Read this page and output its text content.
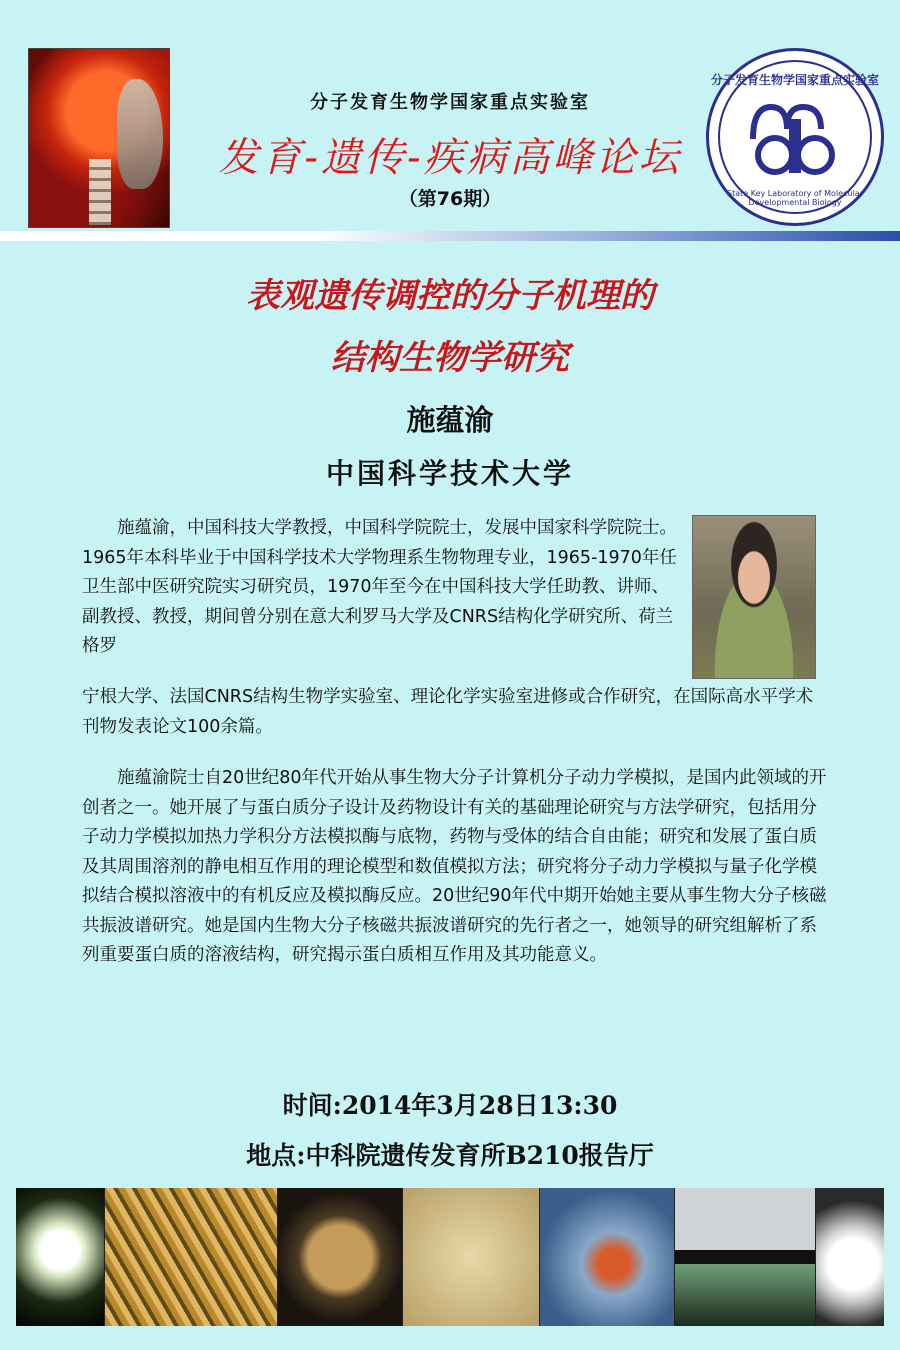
分子发育生物学国家重点实验室
发育-遗传-疾病高峰论坛
（第76期）
分子发育生物学国家重点实验室
State Key Laboratory of Molecular Developmental Biology
表观遗传调控的分子机理的
结构生物学研究
施蕴渝
中国科学技术大学

施蕴渝，中国科技大学教授，中国科学院院士，发展中国家科学院院士。1965年本科毕业于中国科学技术大学物理系生物物理专业，1965-1970年任卫生部中医研究院实习研究员，1970年至今在中国科技大学任助教、讲师、副教授、教授，期间曾分别在意大利罗马大学及CNRS结构化学研究所、荷兰格罗

宁根大学、法国CNRS结构生物学实验室、理论化学实验室进修或合作研究，在国际高水平学术刊物发表论文100余篇。

施蕴渝院士自20世纪80年代开始从事生物大分子计算机分子动力学模拟，是国内此领域的开创者之一。她开展了与蛋白质分子设计及药物设计有关的基础理论研究与方法学研究，包括用分子动力学模拟加热力学积分方法模拟酶与底物，药物与受体的结合自由能；研究和发展了蛋白质及其周围溶剂的静电相互作用的理论模型和数值模拟方法；研究将分子动力学模拟与量子化学模拟结合模拟溶液中的有机反应及模拟酶反应。20世纪90年代中期开始她主要从事生物大分子核磁共振波谱研究。她是国内生物大分子核磁共振波谱研究的先行者之一，她领导的研究组解析了系列重要蛋白质的溶液结构，研究揭示蛋白质相互作用及其功能意义。

时间:2014年3月28日13:30
地点:中科院遗传发育所B210报告厅
